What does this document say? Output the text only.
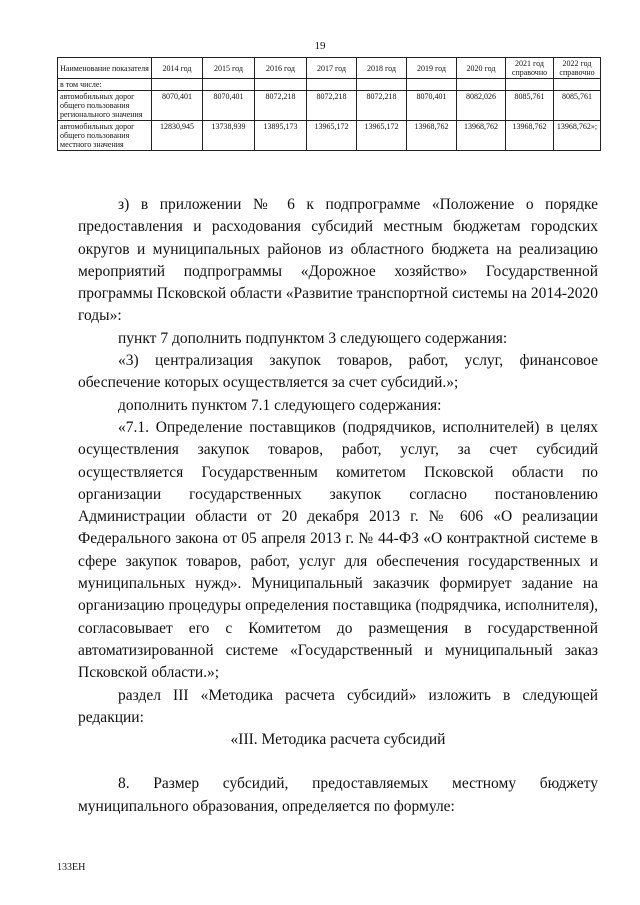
19
Наименование показателя	2014 год	2015 год	2016 год	2017 год	2018 год	2019 год	2020 год	2021 год справочно	2022 год справочно
в том числе:									
автомобильных дорог общего пользования регионального значения	8070,401	8070,401	8072,218	8072,218	8072,218	8070,401	8082,026	8085,761	8085,761
автомобильных дорог общего пользования местного значения	12830,945	13738,939	13895,173	13965,172	13965,172	13968,762	13968,762	13968,762	13968,762»;

з) в приложении № 6 к подпрограмме «Положение о порядке предоставления и расходования субсидий местным бюджетам городских округов и муниципальных районов из областного бюджета на реализацию мероприятий подпрограммы «Дорожное хозяйство» Государственной программы Псковской области «Развитие транспортной системы на 2014-2020 годы»:

пункт 7 дополнить подпунктом 3 следующего содержания:

«3) централизация закупок товаров, работ, услуг, финансовое обеспечение которых осуществляется за счет субсидий.»;

дополнить пунктом 7.1 следующего содержания:

«7.1. Определение поставщиков (подрядчиков, исполнителей) в целях осуществления закупок товаров, работ, услуг, за счет субсидий осуществляется Государственным комитетом Псковской области по организации государственных закупок согласно постановлению Администрации области от 20 декабря 2013 г. № 606 «О реализации Федерального закона от 05 апреля 2013 г. № 44-ФЗ «О контрактной системе в сфере закупок товаров, работ, услуг для обеспечения государственных и муниципальных нужд». Муниципальный заказчик формирует задание на организацию процедуры определения поставщика (подрядчика, исполнителя), согласовывает его с Комитетом до размещения в государственной автоматизированной системе «Государственный и муниципальный заказ Псковской области.»;

раздел III «Методика расчета субсидий» изложить в следующей редакции:

«III. Методика расчета субсидий

8. Размер субсидий, предоставляемых местному бюджету муниципального образования, определяется по формуле:

133ЕН
